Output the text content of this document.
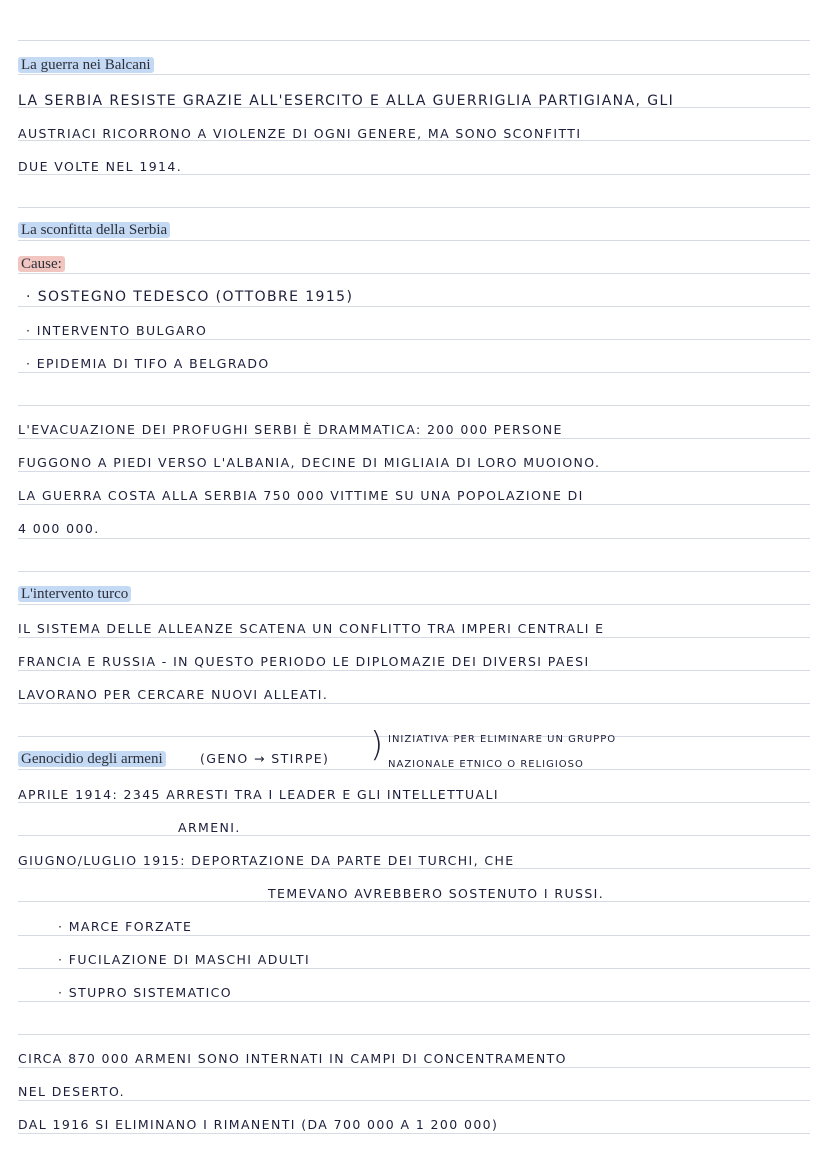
La guerra nei Balcani
LA SERBIA RESISTE GRAZIE ALL'ESERCITO E ALLA GUERRIGLIA PARTIGIANA, GLI
AUSTRIACI RICORRONO A VIOLENZE DI OGNI GENERE, MA SONO SCONFITTI
DUE VOLTE NEL 1914.
La sconfitta della Serbia
Cause:
· SOSTEGNO TEDESCO (OTTOBRE 1915)
· INTERVENTO BULGARO
· EPIDEMIA DI TIFO A BELGRADO
L'EVACUAZIONE DEI PROFUGHI SERBI È DRAMMATICA: 200 000 PERSONE
FUGGONO A PIEDI VERSO L'ALBANIA, DECINE DI MIGLIAIA DI LORO MUOIONO.
LA GUERRA COSTA ALLA SERBIA 750 000 VITTIME SU UNA POPOLAZIONE DI
4 000 000.
L'intervento turco
IL SISTEMA DELLE ALLEANZE SCATENA UN CONFLITTO TRA IMPERI CENTRALI E
FRANCIA E RUSSIA - IN QUESTO PERIODO LE DIPLOMAZIE DEI DIVERSI PAESI
LAVORANO PER CERCARE NUOVI ALLEATI.
Genocidio degli armeni	(GENO → STIRPE) ) INIZIATIVA PER ELIMINARE UN GRUPPO
NAZIONALE ETNICO O RELIGIOSO
APRILE 1914: 2345 ARRESTI TRA I LEADER E GLI INTELLETTUALI
ARMENI.
GIUGNO/LUGLIO 1915: DEPORTAZIONE DA PARTE DEI TURCHI, CHE
TEMEVANO AVREBBERO SOSTENUTO I RUSSI.
· MARCE FORZATE
· FUCILAZIONE DI MASCHI ADULTI
· STUPRO SISTEMATICO
CIRCA 870 000 ARMENI SONO INTERNATI IN CAMPI DI CONCENTRAMENTO
NEL DESERTO.
DAL 1916 SI ELIMINANO I RIMANENTI (DA 700 000 A 1 200 000)
